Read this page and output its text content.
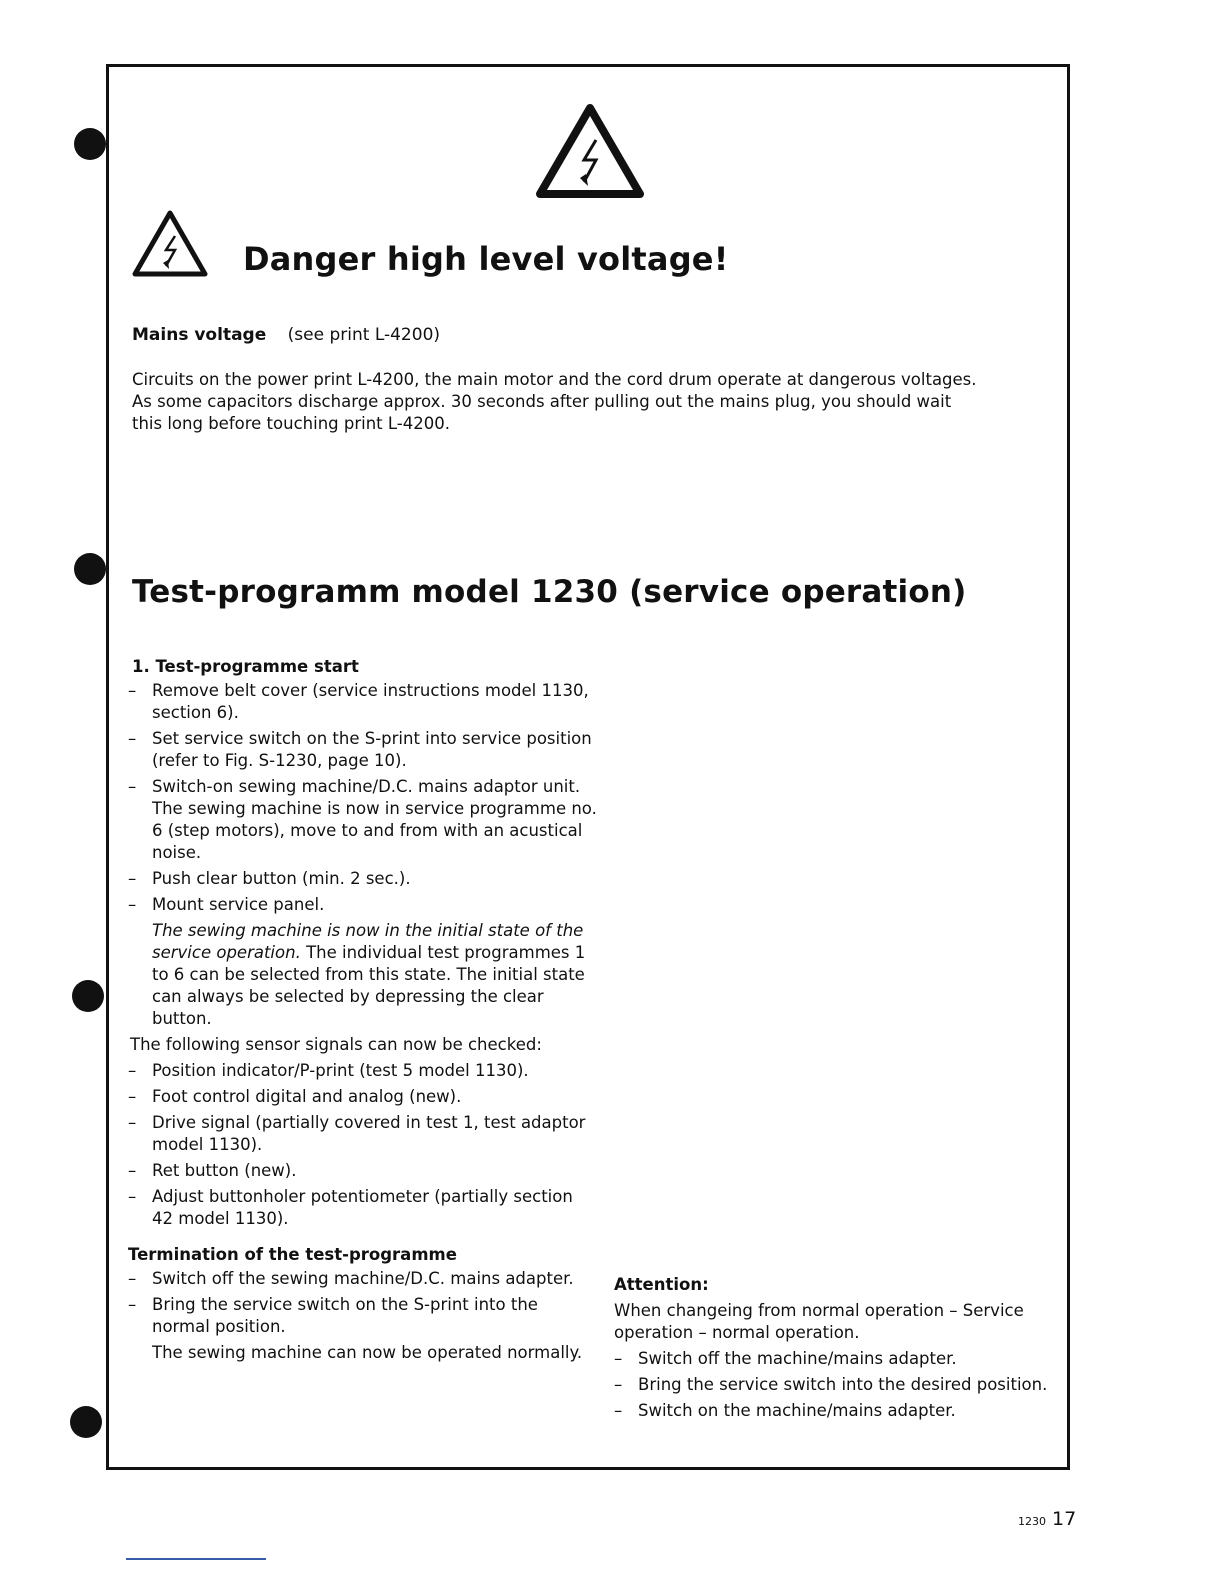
Danger high level voltage!
Mains voltage (see print L-4200)

Circuits on the power print L-4200, the main motor and the cord drum operate at dangerous voltages. As some capacitors discharge approx. 30 seconds after pulling out the mains plug, you should wait this long before touching print L-4200.

Test-programm model 1230 (service operation)
1. Test-programme start
– Remove belt cover (service instructions model 1130, section 6).
– Set service switch on the S-print into service position (refer to Fig. S-1230, page 10).
– Switch-on sewing machine/D.C. mains adaptor unit. The sewing machine is now in service programme no. 6 (step motors), move to and from with an acustical noise.
– Push clear button (min. 2 sec.).
– Mount service panel.

The sewing machine is now in the initial state of the service operation. The individual test programmes 1 to 6 can be selected from this state. The initial state can always be selected by depressing the clear button.

The following sensor signals can now be checked:

– Position indicator/P-print (test 5 model 1130).
– Foot control digital and analog (new).
– Drive signal (partially covered in test 1, test adaptor model 1130).
– Ret button (new).
– Adjust buttonholer potentiometer (partially section 42 model 1130).
Termination of the test-programme
– Switch off the sewing machine/D.C. mains adapter.
– Bring the service switch on the S-print into the normal position.

The sewing machine can now be operated normally.

Attention:

When changeing from normal operation – Service operation – normal operation.

– Switch off the machine/mains adapter.
– Bring the service switch into the desired position.
– Switch on the machine/mains adapter.
1230 17
